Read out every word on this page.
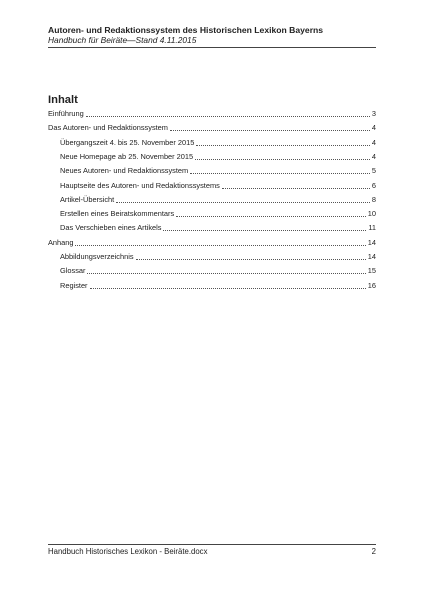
Autoren- und Redaktionssystem des Historischen Lexikon Bayerns
Handbuch für Beiräte—Stand 4.11.2015
Inhalt
Einführung	3
Das Autoren- und Redaktionssystem	4
Übergangszeit 4. bis 25. November 2015	4
Neue Homepage ab 25. November 2015	4
Neues Autoren- und Redaktionssystem	5
Hauptseite des Autoren- und Redaktionssystems	6
Artikel-Übersicht	8
Erstellen eines Beiratskommentars	10
Das Verschieben eines Artikels	11
Anhang	14
Abbildungsverzeichnis	14
Glossar	15
Register	16
Handbuch Historisches Lexikon - Beiräte.docx	2
